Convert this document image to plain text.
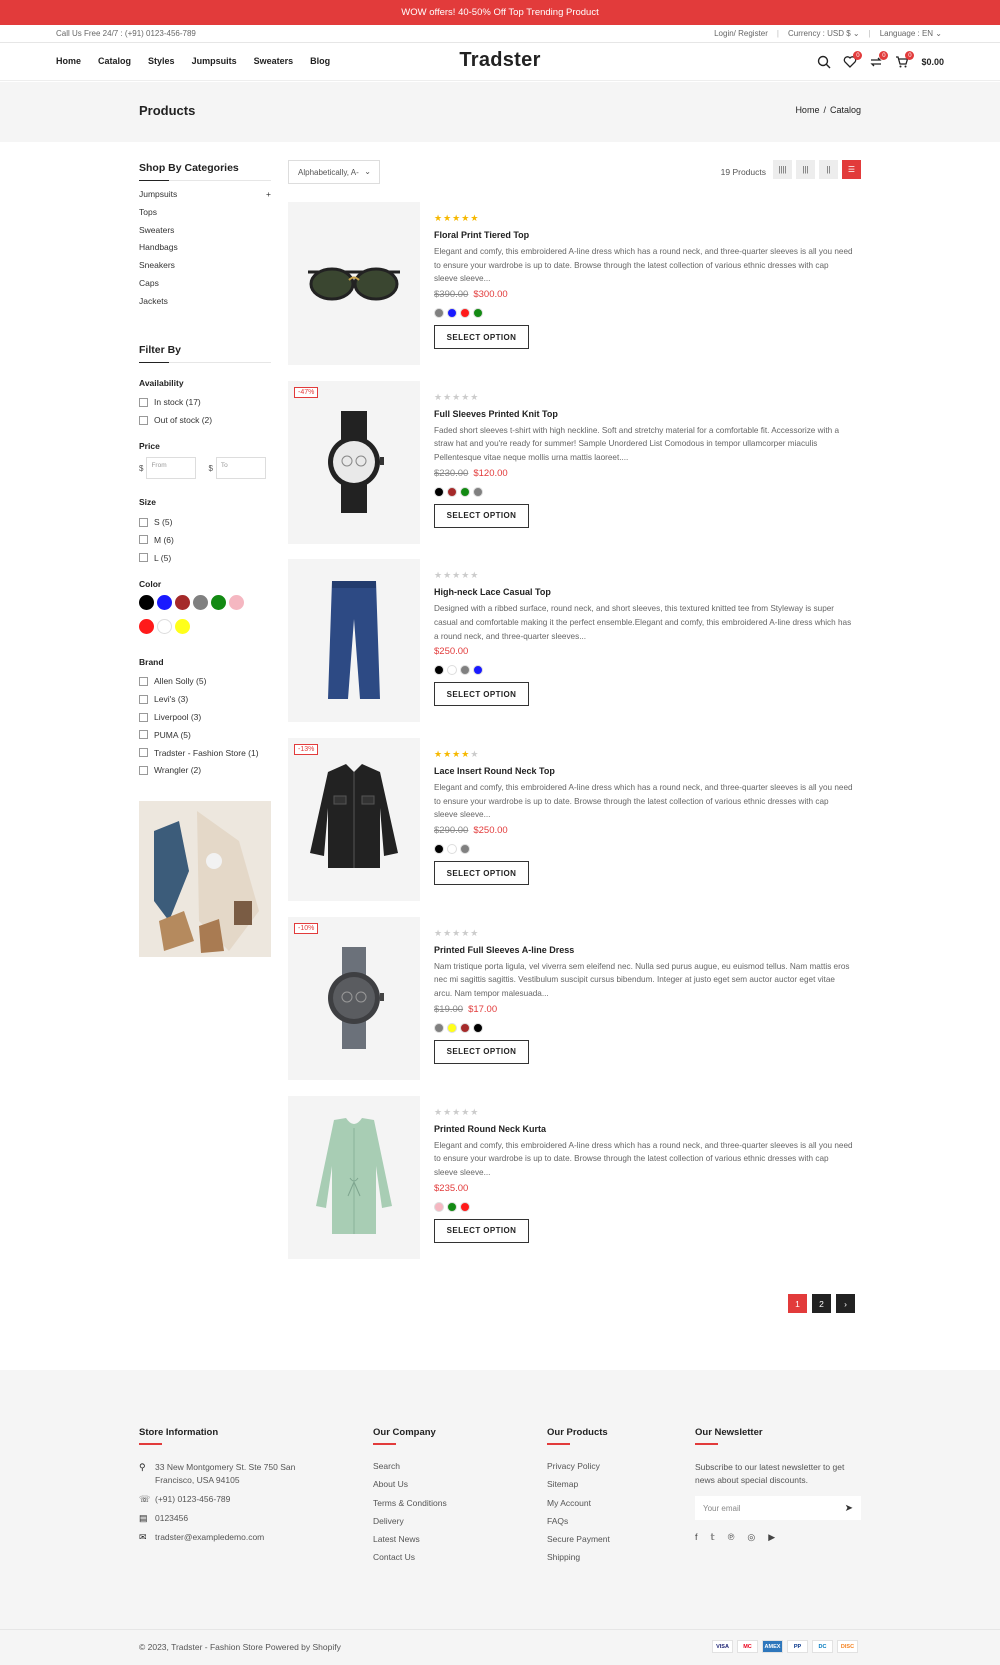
WOW offers! 40-50% Off Top Trending Product
Call Us Free 24/7 : (+91) 0123-456-789	Login/ Register | Currency : USD $ ⌄ | Language : EN ⌄
Home Catalog Styles Jumpsuits Sweaters Blog	Tradster	0	0	0
$0.00
Products	Home / Catalog
Shop By Categories
Jumpsuits	+
Tops
Sweaters
Handbags
Sneakers
Caps
Jackets
Filter By
Availability
In stock (17)
Out of stock (2)
Price
$	From	$	To
Size
S (5)
M (6)
L (5)
Color

Brand
Allen Solly (5)
Levi's (3)
Liverpool (3)
PUMA (5)
Tradster - Fashion Store (1)
Wrangler (2)
Alphabetically, A- ⌄	19 Products	||||	|||	||	☰
★★★★★
Floral Print Tiered Top
Elegant and comfy, this embroidered A-line dress which has a round neck, and three-quarter sleeves is all you need to ensure your wardrobe is up to date. Browse through the latest collection of various ethnic dresses with cap sleeve sleeve...
$390.00 $300.00
SELECT OPTION
-47%	★★★★★
Full Sleeves Printed Knit Top
Faded short sleeves t-shirt with high neckline. Soft and stretchy material for a comfortable fit. Accessorize with a straw hat and you're ready for summer! Sample Unordered List Comodous in tempor ullamcorper miaculis Pellentesque vitae neque mollis urna mattis laoreet....
$230.00 $120.00
SELECT OPTION
★★★★★
High-neck Lace Casual Top
Designed with a ribbed surface, round neck, and short sleeves, this textured knitted tee from Styleway is super casual and comfortable making it the perfect ensemble.Elegant and comfy, this embroidered A-line dress which has a round neck, and three-quarter sleeves...
$250.00
SELECT OPTION
-13%	★★★★★
Lace Insert Round Neck Top
Elegant and comfy, this embroidered A-line dress which has a round neck, and three-quarter sleeves is all you need to ensure your wardrobe is up to date. Browse through the latest collection of various ethnic dresses with cap sleeve sleeve...
$290.00 $250.00
SELECT OPTION
-10%	★★★★★
Printed Full Sleeves A-line Dress
Nam tristique porta ligula, vel viverra sem eleifend nec. Nulla sed purus augue, eu euismod tellus. Nam mattis eros nec mi sagittis sagittis. Vestibulum suscipit cursus bibendum. Integer at justo eget sem auctor auctor eget vitae arcu. Nam tempor malesuada...
$19.00 $17.00
SELECT OPTION
★★★★★
Printed Round Neck Kurta
Elegant and comfy, this embroidered A-line dress which has a round neck, and three-quarter sleeves is all you need to ensure your wardrobe is up to date. Browse through the latest collection of various ethnic dresses with cap sleeve sleeve...
$235.00
SELECT OPTION
1	2	›
Store Information
⚲ 33 New Montgomery St. Ste 750 San Francisco, USA 94105
☏ (+91) 0123-456-789
▤ 0123456
✉ tradster@exampledemo.com
Our Company
Search
About Us
Terms & Conditions
Delivery
Latest News
Contact Us
Our Products
Privacy Policy
Sitemap
My Account
FAQs
Secure Payment
Shipping
Our Newsletter
Subscribe to our latest newsletter to get news about special discounts.
Your email	➤
f 𝕥 ℗ ◎ ▶
© 2023, Tradster - Fashion Store Powered by Shopify	VISA	MC	AMEX	PP	DC	DISC
